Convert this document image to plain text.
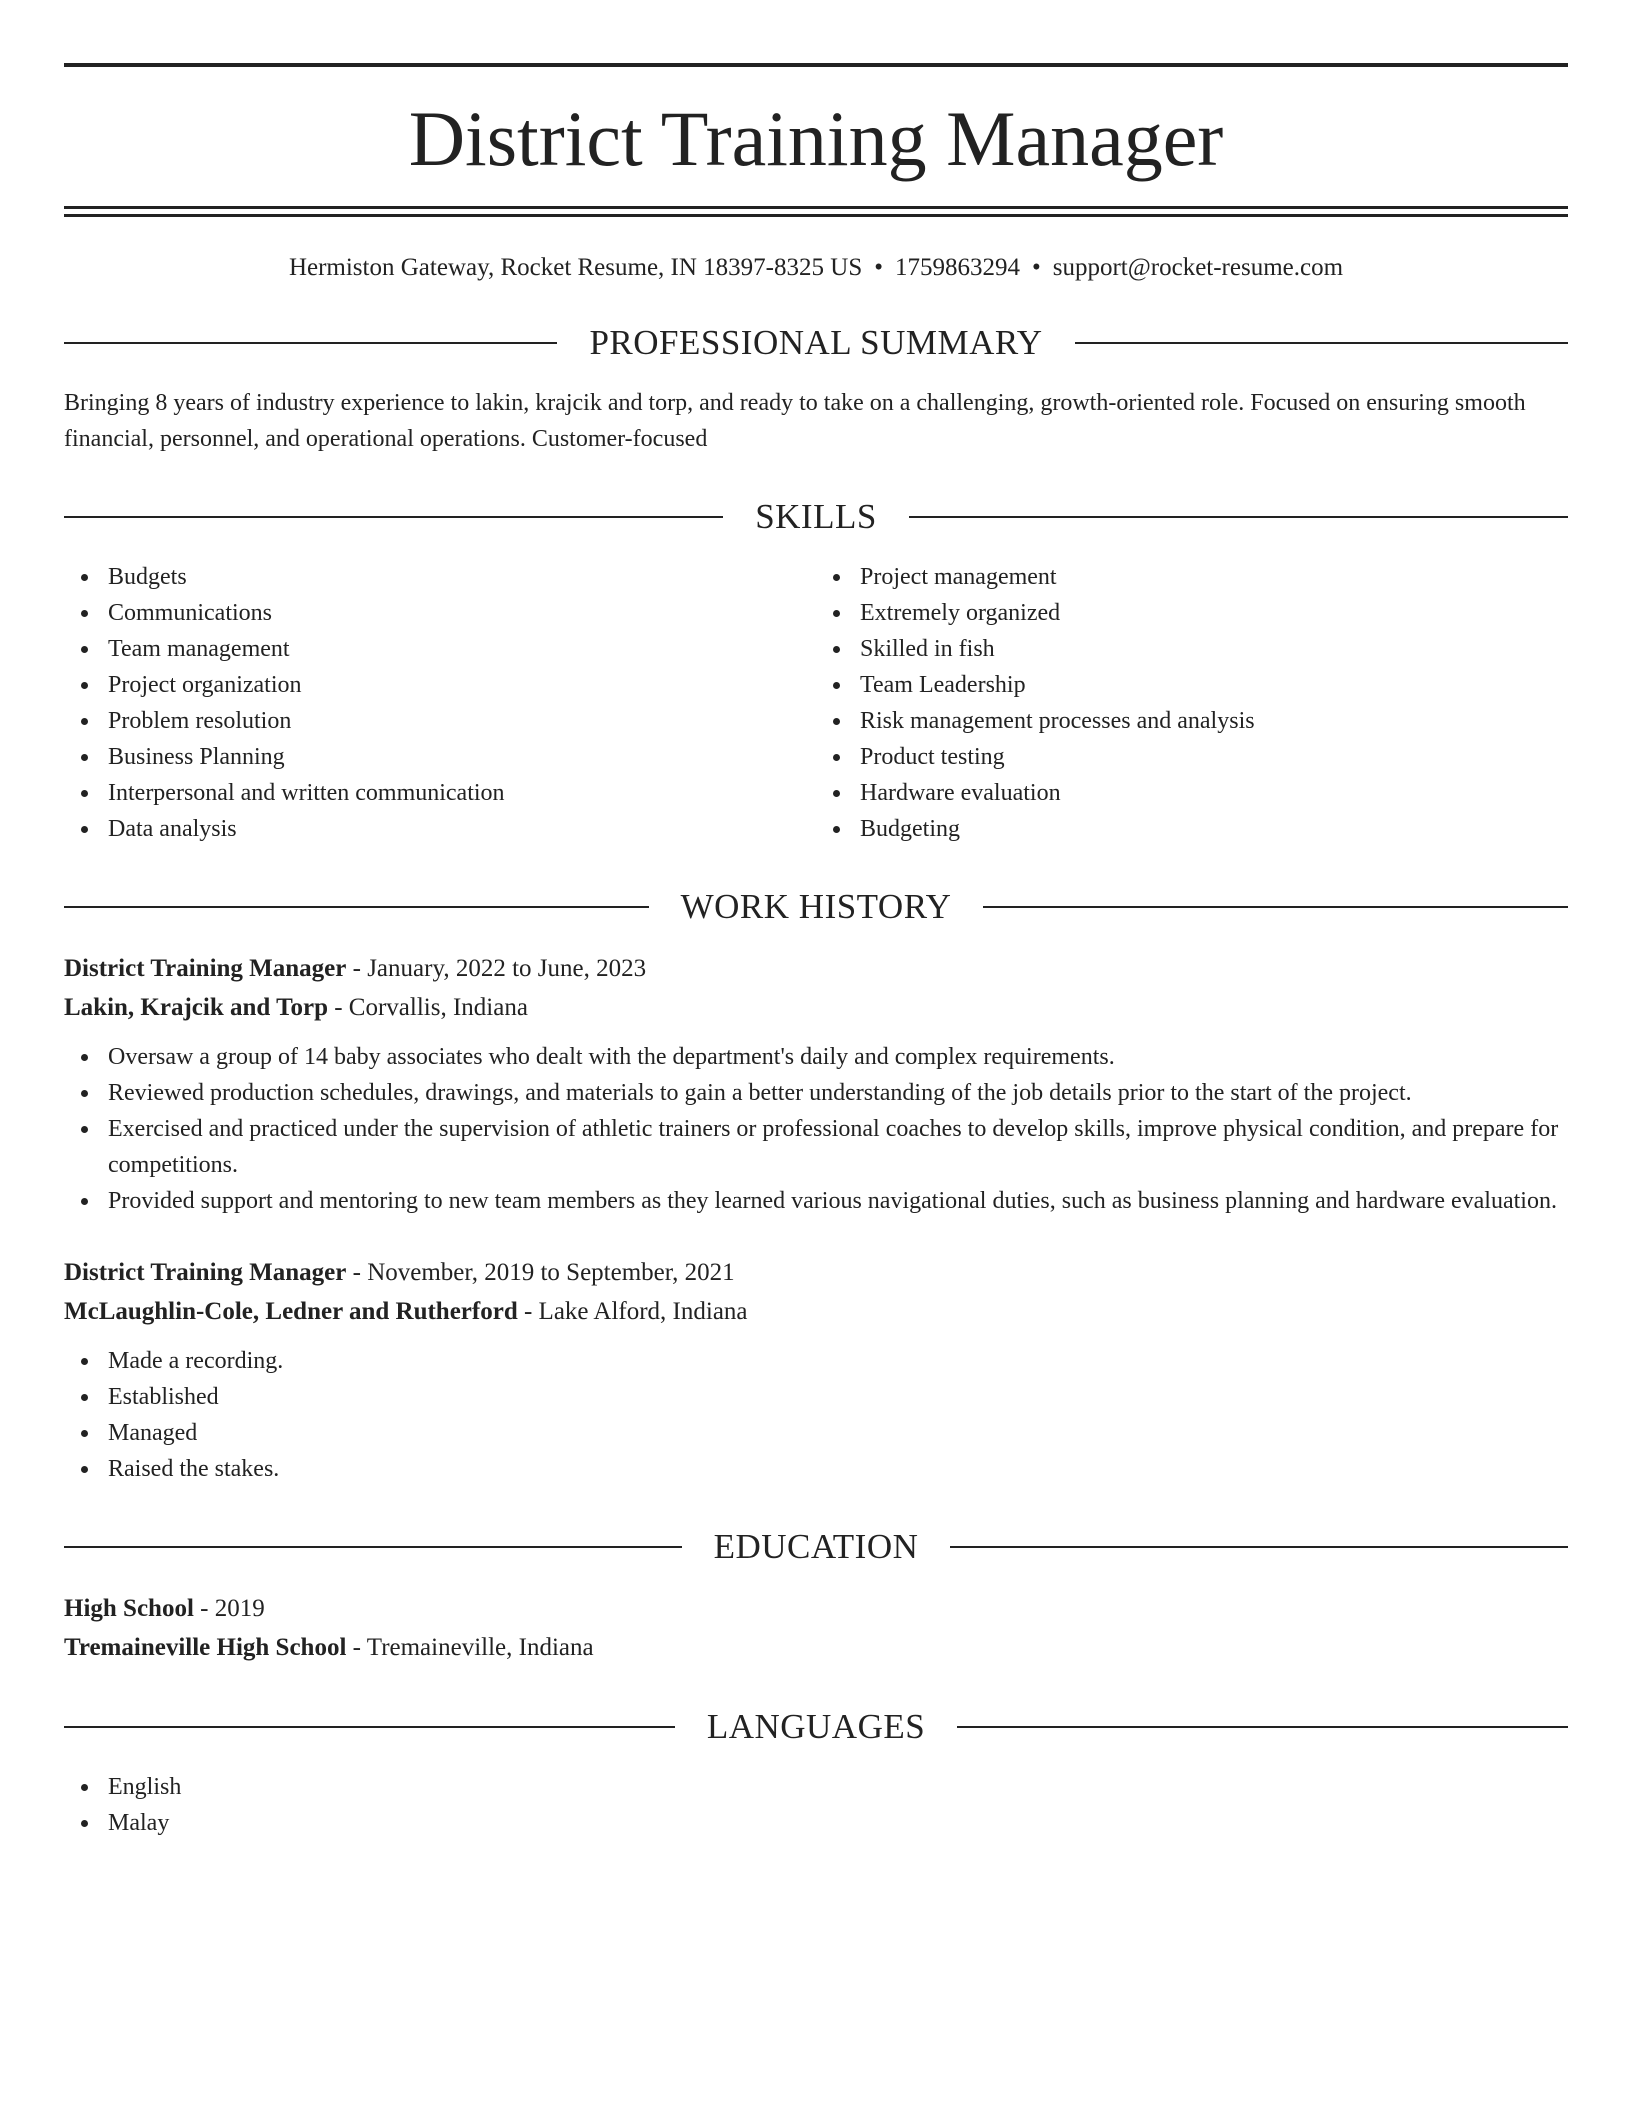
District Training Manager
Hermiston Gateway, Rocket Resume, IN 18397-8325 US • 1759863294 • support@rocket-resume.com
PROFESSIONAL SUMMARY
Bringing 8 years of industry experience to lakin, krajcik and torp, and ready to take on a challenging, growth-oriented role. Focused on ensuring smooth financial, personnel, and operational operations. Customer-focused
SKILLS
Budgets
Communications
Team management
Project organization
Problem resolution
Business Planning
Interpersonal and written communication
Data analysis
Project management
Extremely organized
Skilled in fish
Team Leadership
Risk management processes and analysis
Product testing
Hardware evaluation
Budgeting
WORK HISTORY
District Training Manager - January, 2022 to June, 2023
Lakin, Krajcik and Torp - Corvallis, Indiana
Oversaw a group of 14 baby associates who dealt with the department's daily and complex requirements.
Reviewed production schedules, drawings, and materials to gain a better understanding of the job details prior to the start of the project.
Exercised and practiced under the supervision of athletic trainers or professional coaches to develop skills, improve physical condition, and prepare for competitions.
Provided support and mentoring to new team members as they learned various navigational duties, such as business planning and hardware evaluation.
District Training Manager - November, 2019 to September, 2021
McLaughlin-Cole, Ledner and Rutherford - Lake Alford, Indiana
Made a recording.
Established
Managed
Raised the stakes.
EDUCATION
High School - 2019
Tremaineville High School - Tremaineville, Indiana
LANGUAGES
English
Malay
